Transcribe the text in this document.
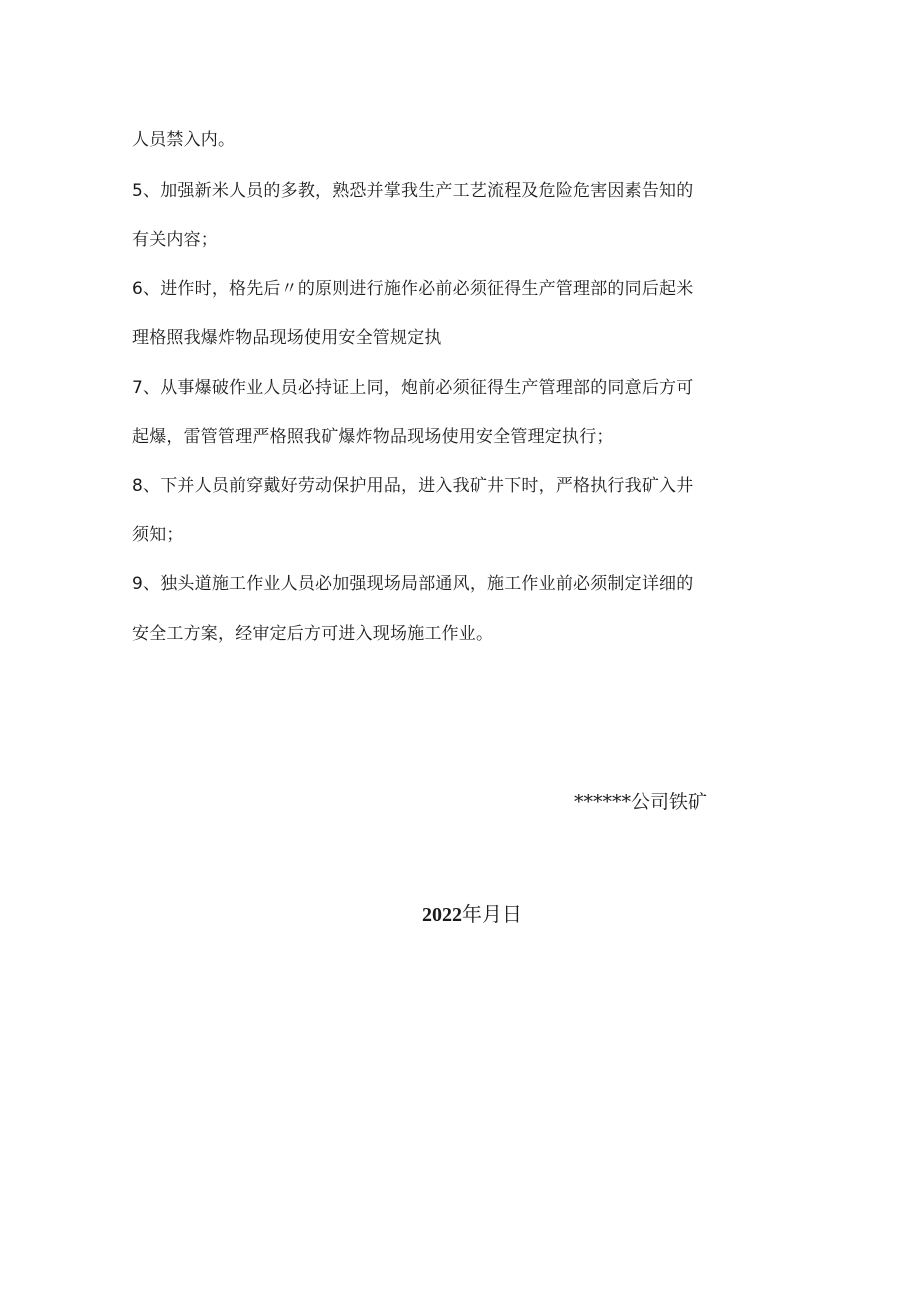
人员禁入内。
5、加强新米人员的多教，熟恐并掌我生产工艺流程及危险危害因素告知的
有关内容；
6、进作时，格先后〃的原则进行施作必前必须征得生产管理部的同后起米
理格照我爆炸物品现场使用安全管规定执
7、从事爆破作业人员必持证上同，炮前必须征得生产管理部的同意后方可
起爆，雷管管理严格照我矿爆炸物品现场使用安全管理定执行；
8、下并人员前穿戴好劳动保护用品，进入我矿井下时，严格执行我矿入井
须知；
9、独头道施工作业人员必加强现场局部通风，施工作业前必须制定详细的
安全工方案，经审定后方可进入现场施工作业。
******公司铁矿
2022年月日
